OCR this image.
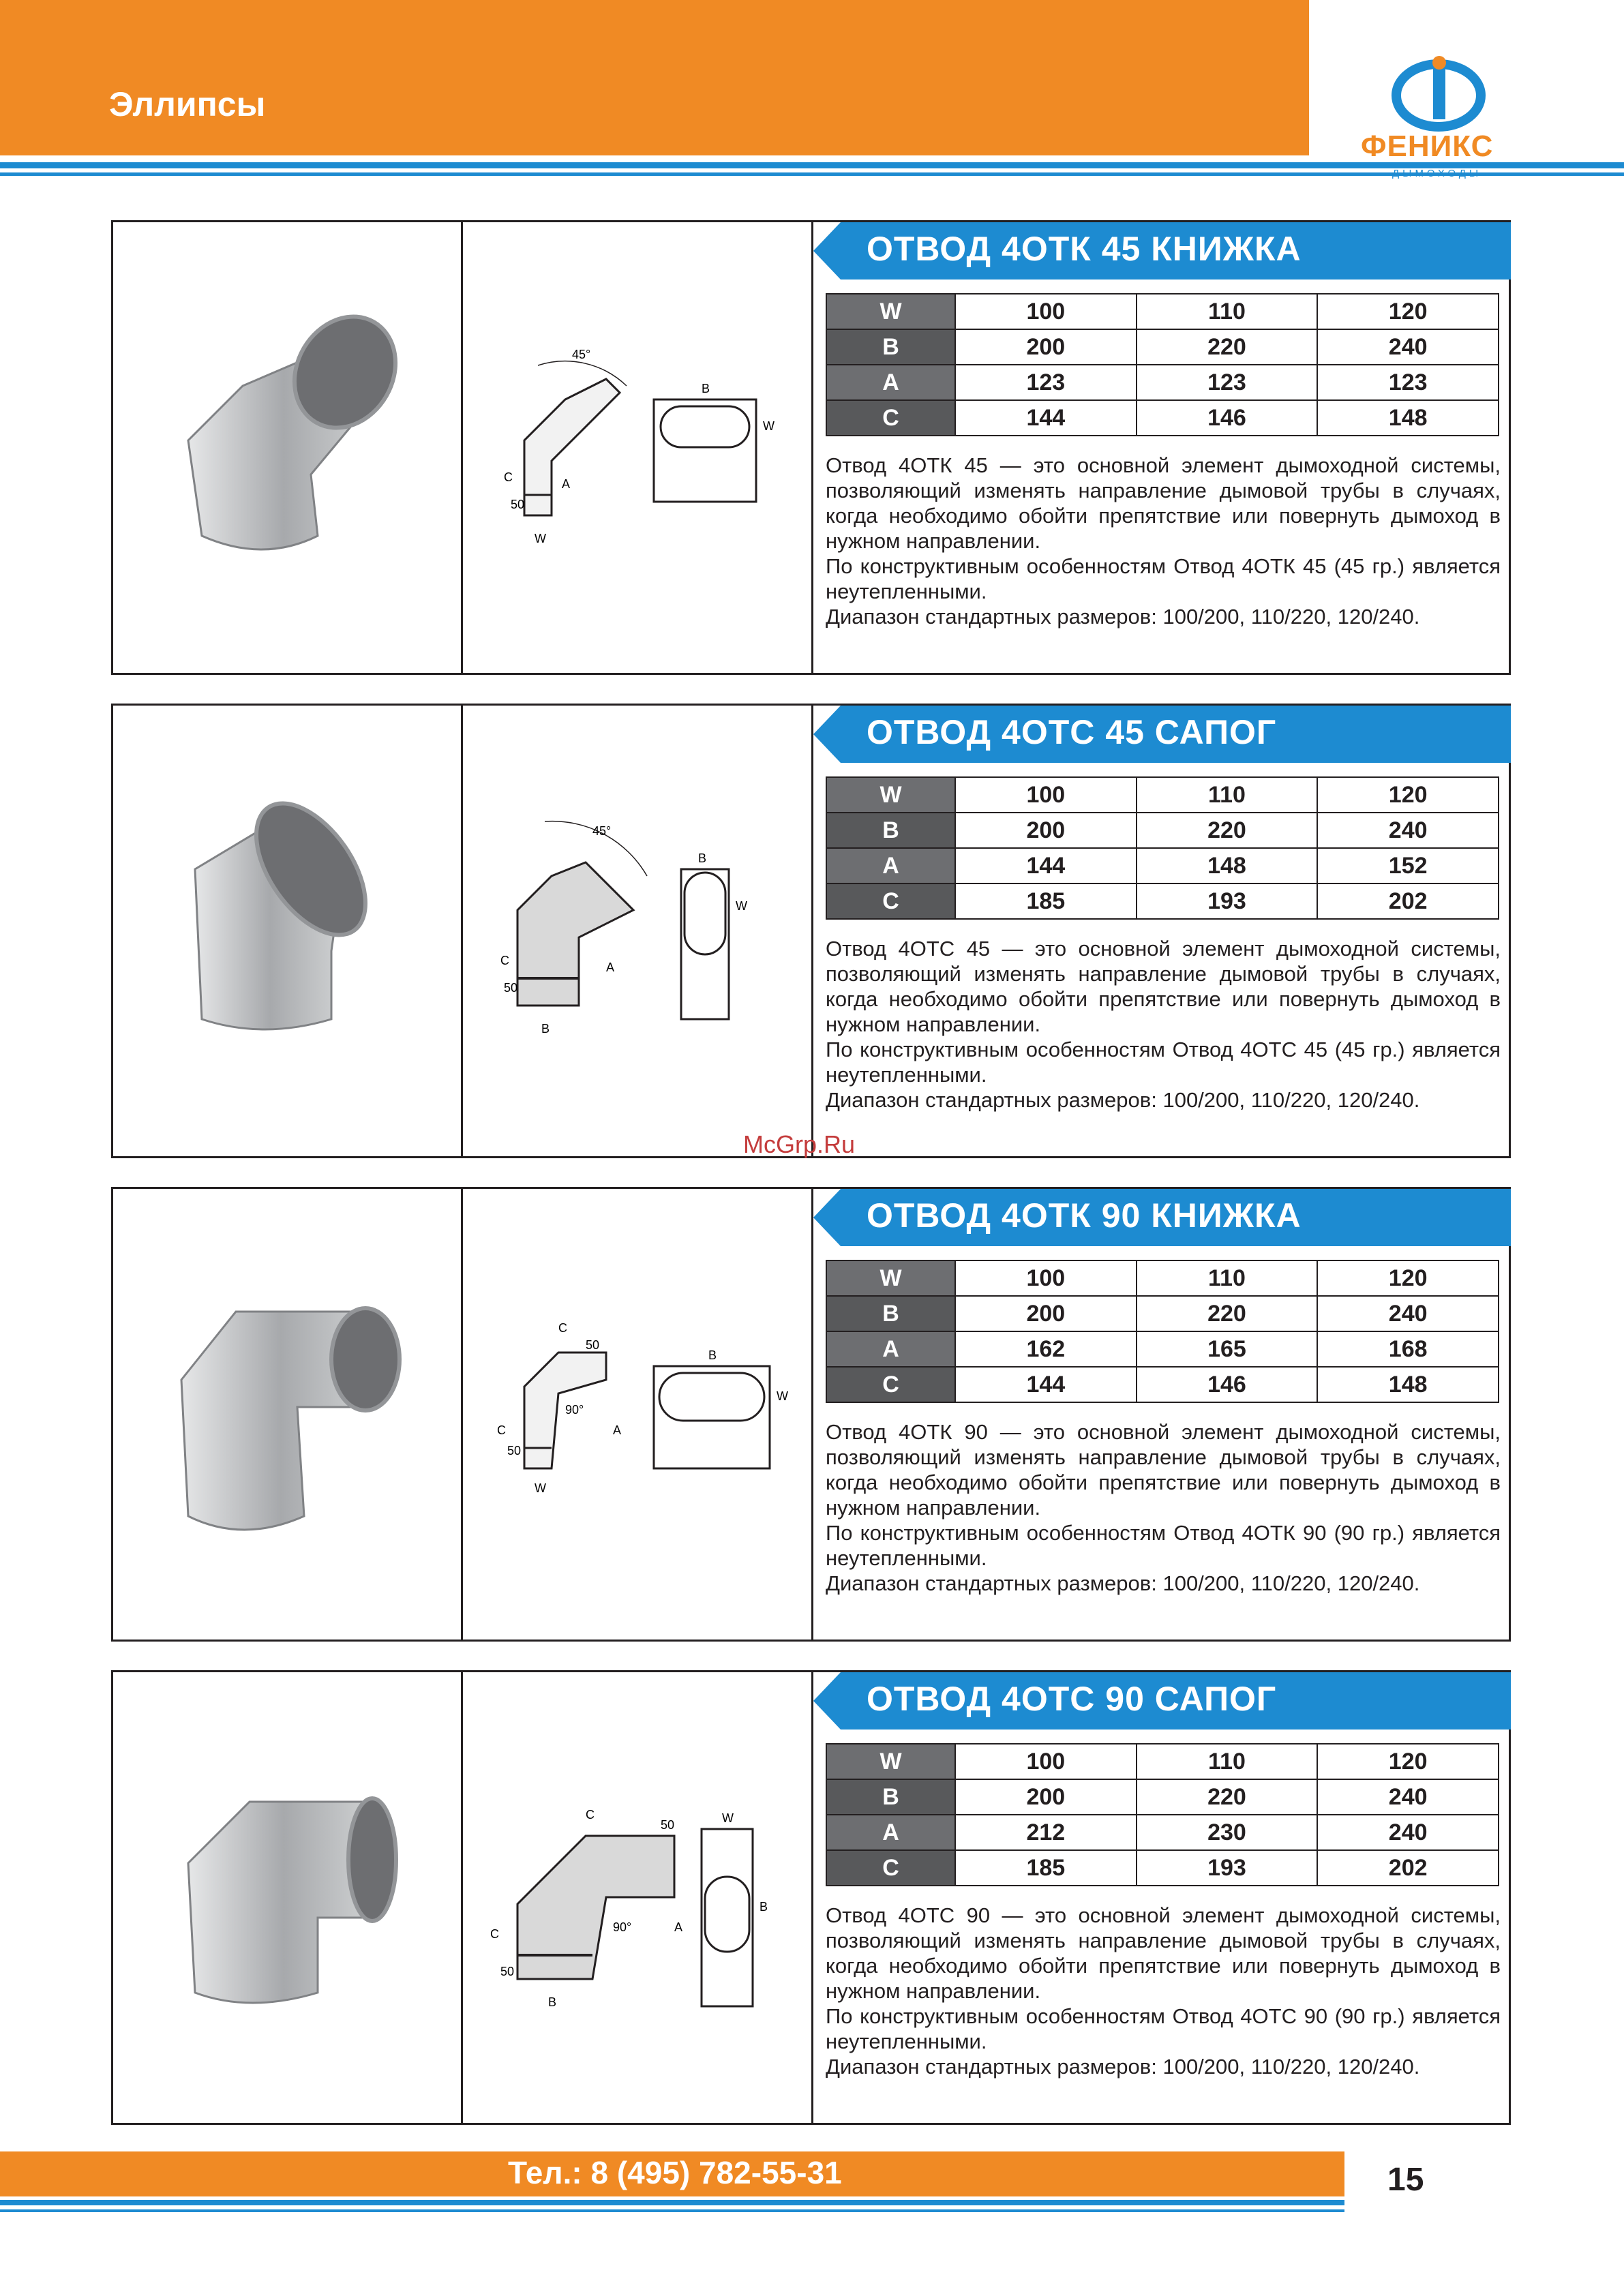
Эллипсы
ФЕНИКС
ДЫМОХОДЫ
45°
C
50
A
W
B
W
ОТВОД 4ОТК 45 КНИЖКА
W	100	110	120
B	200	220	240
A	123	123	123
C	144	146	148

Отвод 4ОТК 45 — это основной элемент дымоходной системы, позволяющий изменять направление дымовой трубы в случаях, когда необходимо обойти препятствие или повернуть дымоход в нужном направлении.

По конструктивным особенностям Отвод 4ОТК 45 (45 гр.) является неутепленными.

Диапазон стандартных размеров: 100/200, 110/220, 120/240.

45°
C
50
A
B
B
W
ОТВОД 4ОТС 45 САПОГ
W	100	110	120
B	200	220	240
A	144	148	152
C	185	193	202

Отвод 4ОТС 45 — это основной элемент дымоходной системы, позволяющий изменять направление дымовой трубы в случаях, когда необходимо обойти препятствие или повернуть дымоход в нужном направлении.

По конструктивным особенностям Отвод 4ОТС 45 (45 гр.) является неутепленными.

Диапазон стандартных размеров: 100/200, 110/220, 120/240.

C
50
90°
C
50
A
W
B
W
ОТВОД 4ОТК 90 КНИЖКА
W	100	110	120
B	200	220	240
A	162	165	168
C	144	146	148

Отвод 4ОТК 90 — это основной элемент дымоходной системы, позволяющий изменять направление дымовой трубы в случаях, когда необходимо обойти препятствие или повернуть дымоход в нужном направлении.

По конструктивным особенностям Отвод 4ОТК 90 (90 гр.) является неутепленными.

Диапазон стандартных размеров: 100/200, 110/220, 120/240.

C
50
90°
C
50
A
B
W
B
ОТВОД 4ОТС 90 САПОГ
W	100	110	120
B	200	220	240
A	212	230	240
C	185	193	202

Отвод 4ОТС 90 — это основной элемент дымоходной системы, позволяющий изменять направление дымовой трубы в случаях, когда необходимо обойти препятствие или повернуть дымоход в нужном направлении.

По конструктивным особенностям Отвод 4ОТС 90 (90 гр.) является неутепленными.

Диапазон стандартных размеров: 100/200, 110/220, 120/240.

McGrp.Ru
Тел.: 8 (495) 782-55-31	15
